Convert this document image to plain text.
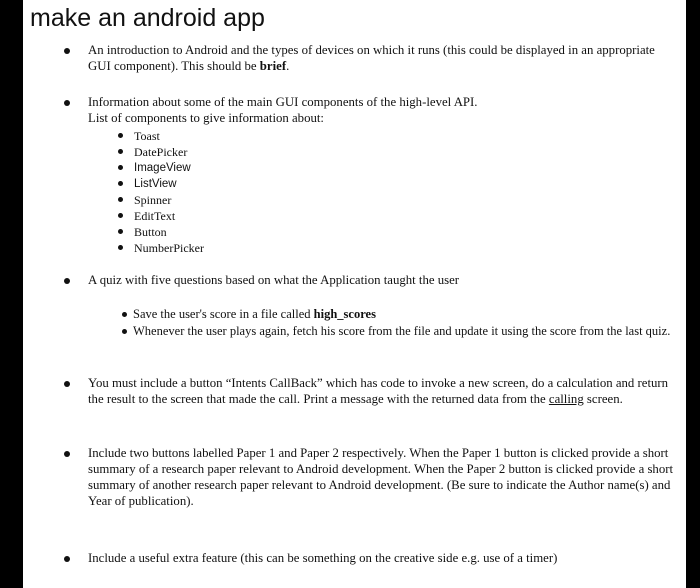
make an android app
An introduction to Android and the types of devices on which it runs (this could be displayed in an appropriate GUI component). This should be brief.
Information about some of the main GUI components of the high-level API.
List of components to give information about:
Toast
DatePicker
ImageView
ListView
Spinner
EditText
Button
NumberPicker
A quiz with five questions based on what the Application taught the user
Save the user's score in a file called high_scores
Whenever the user plays again, fetch his score from the file and update it using the score from the last quiz.
You must include a button “Intents CallBack” which has code to invoke a new screen, do a calculation and return the result to the screen that made the call. Print a message with the returned data from the calling screen.
Include two buttons labelled Paper 1 and Paper 2 respectively. When the Paper 1 button is clicked provide a short summary of a research paper relevant to Android development. When the Paper 2 button is clicked provide a short summary of another research paper relevant to Android development. (Be sure to indicate the Author name(s) and Year of publication).
Include a useful extra feature (this can be something on the creative side e.g. use of a timer)
